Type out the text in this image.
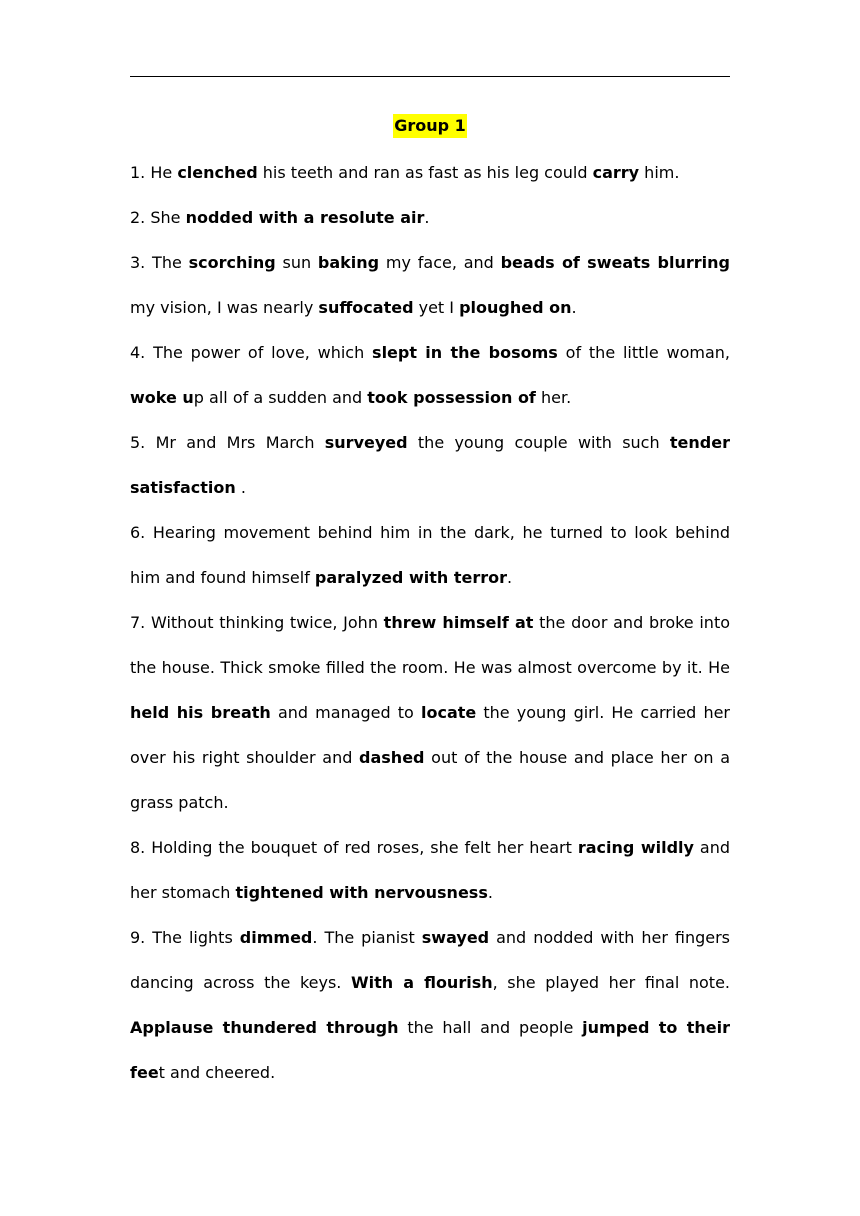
Group 1

1. He clenched his teeth and ran as fast as his leg could carry him.

2. She nodded with a resolute air.

3. The scorching sun baking my face, and beads of sweats blurring my vision, I was nearly suffocated yet I ploughed on.

4. The power of love, which slept in the bosoms of the little woman, woke up all of a sudden and took possession of her.

5. Mr and Mrs March surveyed the young couple with such tender satisfaction .

6. Hearing movement behind him in the dark, he turned to look behind him and found himself paralyzed with terror.

7. Without thinking twice, John threw himself at the door and broke into the house. Thick smoke filled the room. He was almost overcome by it. He held his breath and managed to locate the young girl. He carried her over his right shoulder and dashed out of the house and place her on a grass patch.

8. Holding the bouquet of red roses, she felt her heart racing wildly and her stomach tightened with nervousness.

9. The lights dimmed. The pianist swayed and nodded with her fingers dancing across the keys. With a flourish, she played her final note. Applause thundered through the hall and people jumped to their feet and cheered.
